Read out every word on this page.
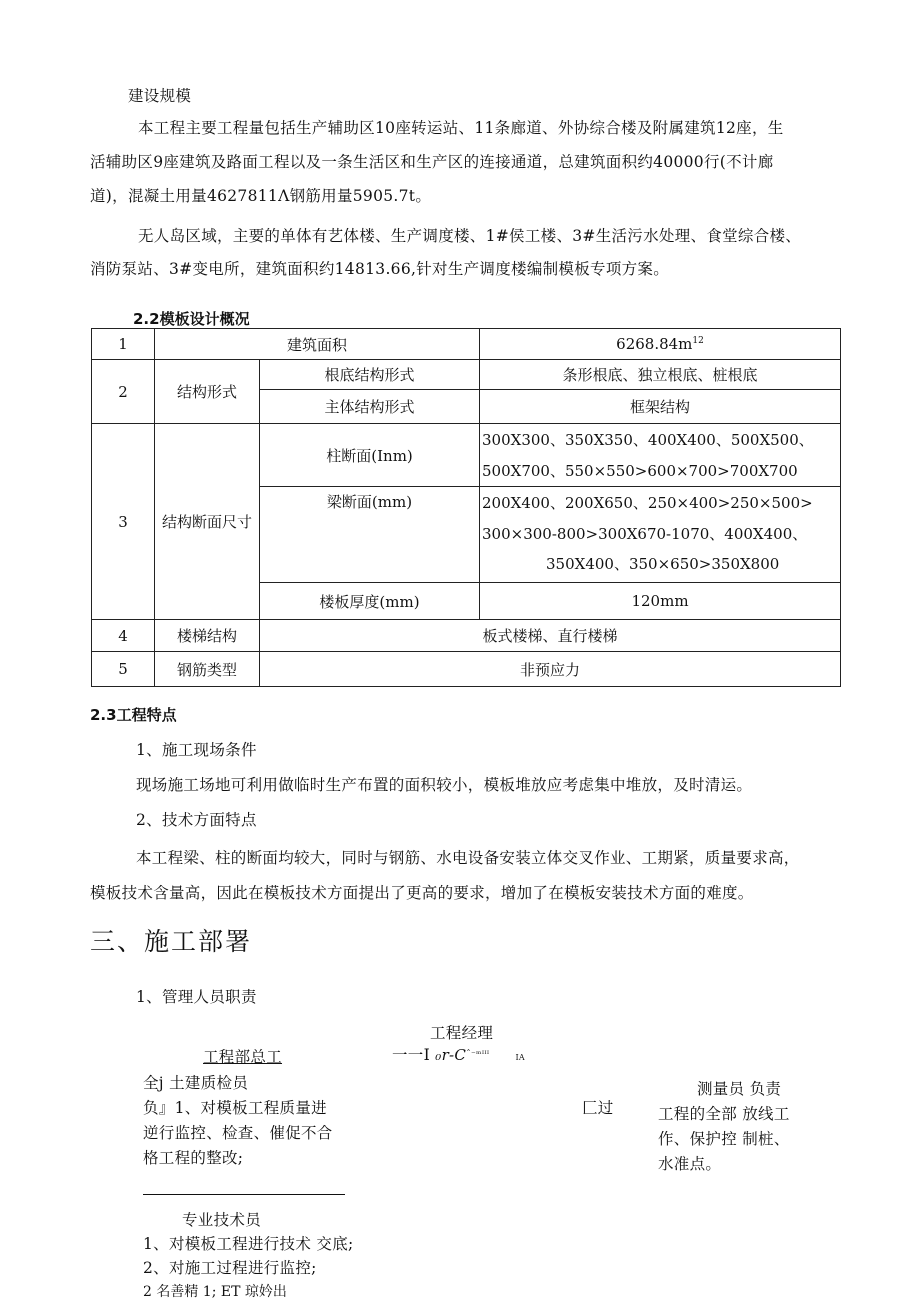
建设规模
本工程主要工程量包括生产辅助区10座转运站、11条廊道、外协综合楼及附属建筑12座，生
活辅助区9座建筑及路面工程以及一条生活区和生产区的连接通道，总建筑面积约40000行(不计廊
道)，混凝土用量4627811Λ钢筋用量5905.7t。
无人岛区域，主要的单体有艺体楼、生产调度楼、1#侯工楼、3#生活污水处理、食堂综合楼、
消防泵站、3#变电所，建筑面积约14813.66,针对生产调度楼编制模板专项方案。
2.2模板设计概况
1	建筑面积		$6268.84m^{12}$
2	结构形式	根底结构形式	条形根底、独立根底、桩根底
		主体结构形式	框架结构
3	结构断面尺寸	柱断面(Inm)	300X300、350X350、400X400、500X500、
500X700、550×550>600×700>700X700

		梁断面(mm)	200X400、200X650、250×400>250×500>
300×300-800>300X670-1070、400X400、
350X400、350×650>350X800

		楼板厚度(mm)	120mm
4	楼梯结构	板式楼梯、直行楼梯	
5	钢筋类型	非预应力	
2.3工程特点
1、施工现场条件
现场施工场地可利用做临时生产布置的面积较小，模板堆放应考虑集中堆放，及时清运。
2、技术方面特点
本工程梁、柱的断面均较大，同时与钢筋、水电设备安装立体交叉作业、工期紧，质量要求高，
模板技术含量高，因此在模板技术方面提出了更高的要求，增加了在模板安装技术方面的难度。
三、施工部署
1、管理人员职责
工程经理
一一I $_0r-C^{ˆ^-ᵐᴵᴵᴵ}$	IA
工程部总工
全j 土建质检员
负』1、对模板工程质量进
逆行监控、检查、催促不合
格工程的整改;
匚过
测量员 负责
工程的全部 放线工
作、保护控 制桩、
水准点。
专业技术员
1、对模板工程进行技术 交底;
2、对施工过程进行监控;
2 名善精 1; ET 琼妗出
